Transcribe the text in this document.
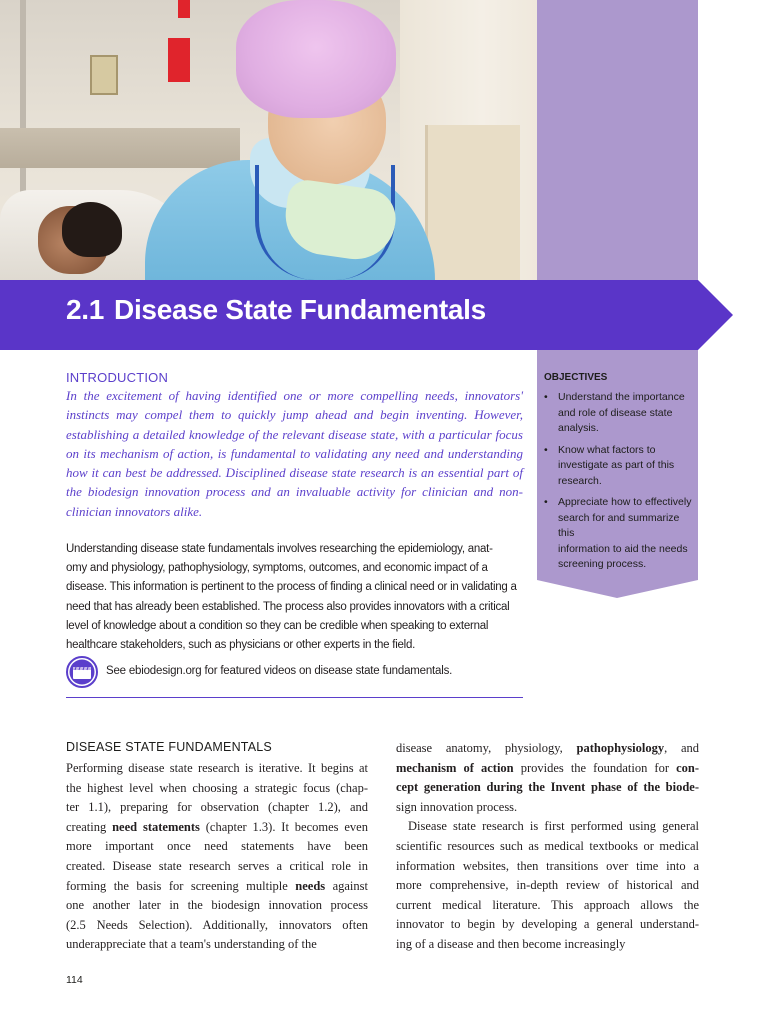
2.1 Disease State Fundamentals
OBJECTIVES
• Understand the importance
and role of disease state
analysis.
• Know what factors to
investigate as part of this
research.
• Appreciate how to effectively
search for and summarize this
information to aid the needs
screening process.
INTRODUCTION
In the excitement of having identified one or more compelling needs, innovators' instincts may compel them to quickly jump ahead and begin inventing. However, establishing a detailed knowledge of the relevant disease state, with a particular focus on its mechanism of action, is fundamental to validating any need and understanding how it can best be addressed. Disciplined disease state research is an essential part of the biodesign innovation process and an invaluable activity for clinician and non-clinician innovators alike.
Understanding disease state fundamentals involves researching the epidemiology, anat-
omy and physiology, pathophysiology, symptoms, outcomes, and economic impact of a
disease. This information is pertinent to the process of finding a clinical need or in validating a
need that has already been established. The process also provides innovators with a critical
level of knowledge about a condition so they can be credible when speaking to external
healthcare stakeholders, such as physicians or other experts in the field.
See ebiodesign.org for featured videos on disease state fundamentals.
DISEASE STATE FUNDAMENTALS
Performing disease state research is iterative. It begins at
the highest level when choosing a strategic focus (chap-
ter 1.1), preparing for observation (chapter 1.2), and
creating need statements (chapter 1.3). It becomes even
more important once need statements have been
created. Disease state research serves a critical role in
forming the basis for screening multiple needs against
one another later in the biodesign innovation process
(2.5 Needs Selection). Additionally, innovators often
underappreciate that a team's understanding of the
disease anatomy, physiology, pathophysiology, and
mechanism of action provides the foundation for con-
cept generation during the Invent phase of the biode-
sign innovation process.
Disease state research is first performed using general
scientific resources such as medical textbooks or medical
information websites, then transitions over time into a
more comprehensive, in-depth review of historical and
current medical literature. This approach allows the
innovator to begin by developing a general understand-
ing of a disease and then become increasingly
114
